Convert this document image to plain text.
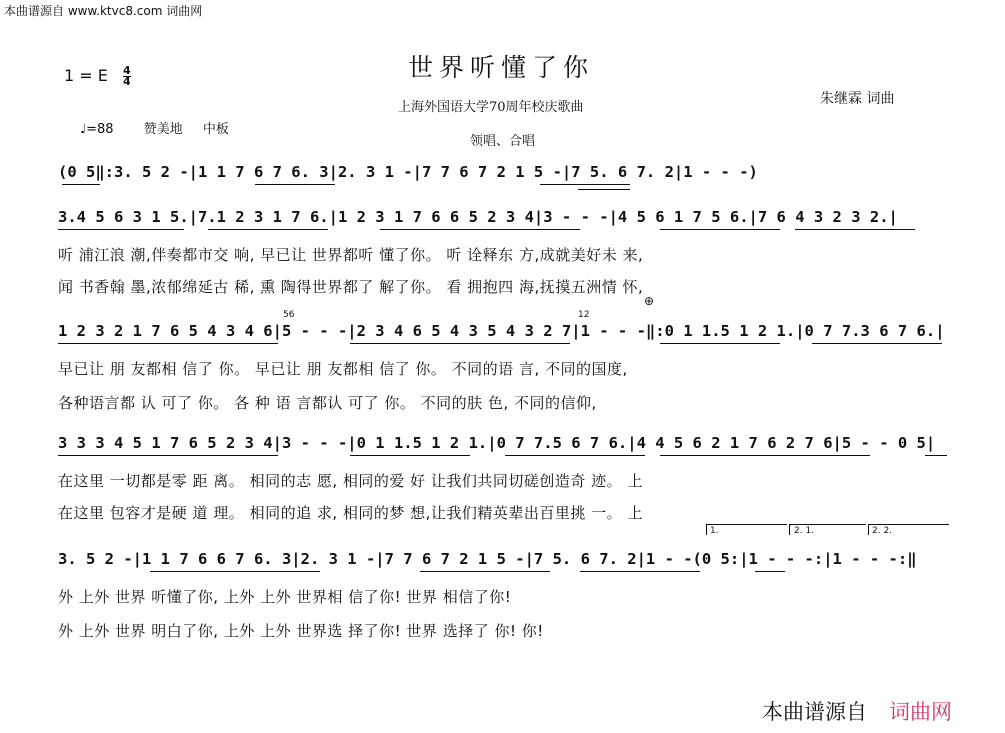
本曲谱源自 www.ktvc8.com 词曲网
世界听懂了你
上海外国语大学70周年校庆歌曲
朱继霖 词曲
领唱、合唱
1 = E $\frac{4}{4}$
♩=88 赞美地 中板
(0 5‖:3. 5 2 -|1 1 7 6 7 6. 3|2. 3 1 -|7 7 6 7 2 1 5 -|7 5. 6 7. 2|1 - - -)
3.4 5 6 3 1 5.|7.1 2 3 1 7 6.|1 2 3 1 7 6 6 5 2 3 4|3 - - -|4 5 6 1 7 5 6.|7 6 4 3 2 3 2.|
听 浦江浪 潮,伴奏都市交 响, 早已让 世界都听 懂了你。 听 诠释东 方,成就美好未 来,
闻 书香翰 墨,浓郁绵延古 稀, 熏 陶得世界都了 解了你。 看 拥抱四 海,抚摸五洲情 怀,
1 2 3 2 1 7 6 5 4 3 4 6|5 - - -|2 3 4 6 5 4 3 5 4 3 2 7|1 - - -‖:0 1 1.5 1 2 1.|0 7 7.3 6 7 6.|
56	12
⊕
早已让 朋 友都相 信了 你。 早已让 朋 友都相 信了 你。 不同的语 言, 不同的国度,
各种语言都 认 可了 你。 各 种 语 言都认 可了 你。 不同的肤 色, 不同的信仰,
3 3 3 4 5 1 7 6 5 2 3 4|3 - - -|0 1 1.5 1 2 1.|0 7 7.5 6 7 6.|4 4 5 6 2 1 7 6 2 7 6|5 - - 0 5|
在这里 一切都是零 距 离。 相同的志 愿, 相同的爱 好 让我们共同切磋创造奇 迹。 上
在这里 包容才是硬 道 理。 相同的追 求, 相同的梦 想,让我们精英辈出百里挑 一。 上
1.	2. 1.	2. 2.
3. 5 2 -|1 1 7 6 6 7 6. 3|2. 3 1 -|7 7 6 7 2 1 5 -|7 5. 6 7. 2|1 - -(0 5:|1 - - -:|1 - - -:‖
外 上外 世界 听懂了你, 上外 上外 世界相 信了你! 世界 相信了你!
外 上外 世界 明白了你, 上外 上外 世界选 择了你! 世界 选择了 你! 你!
本曲谱源自 词曲网
